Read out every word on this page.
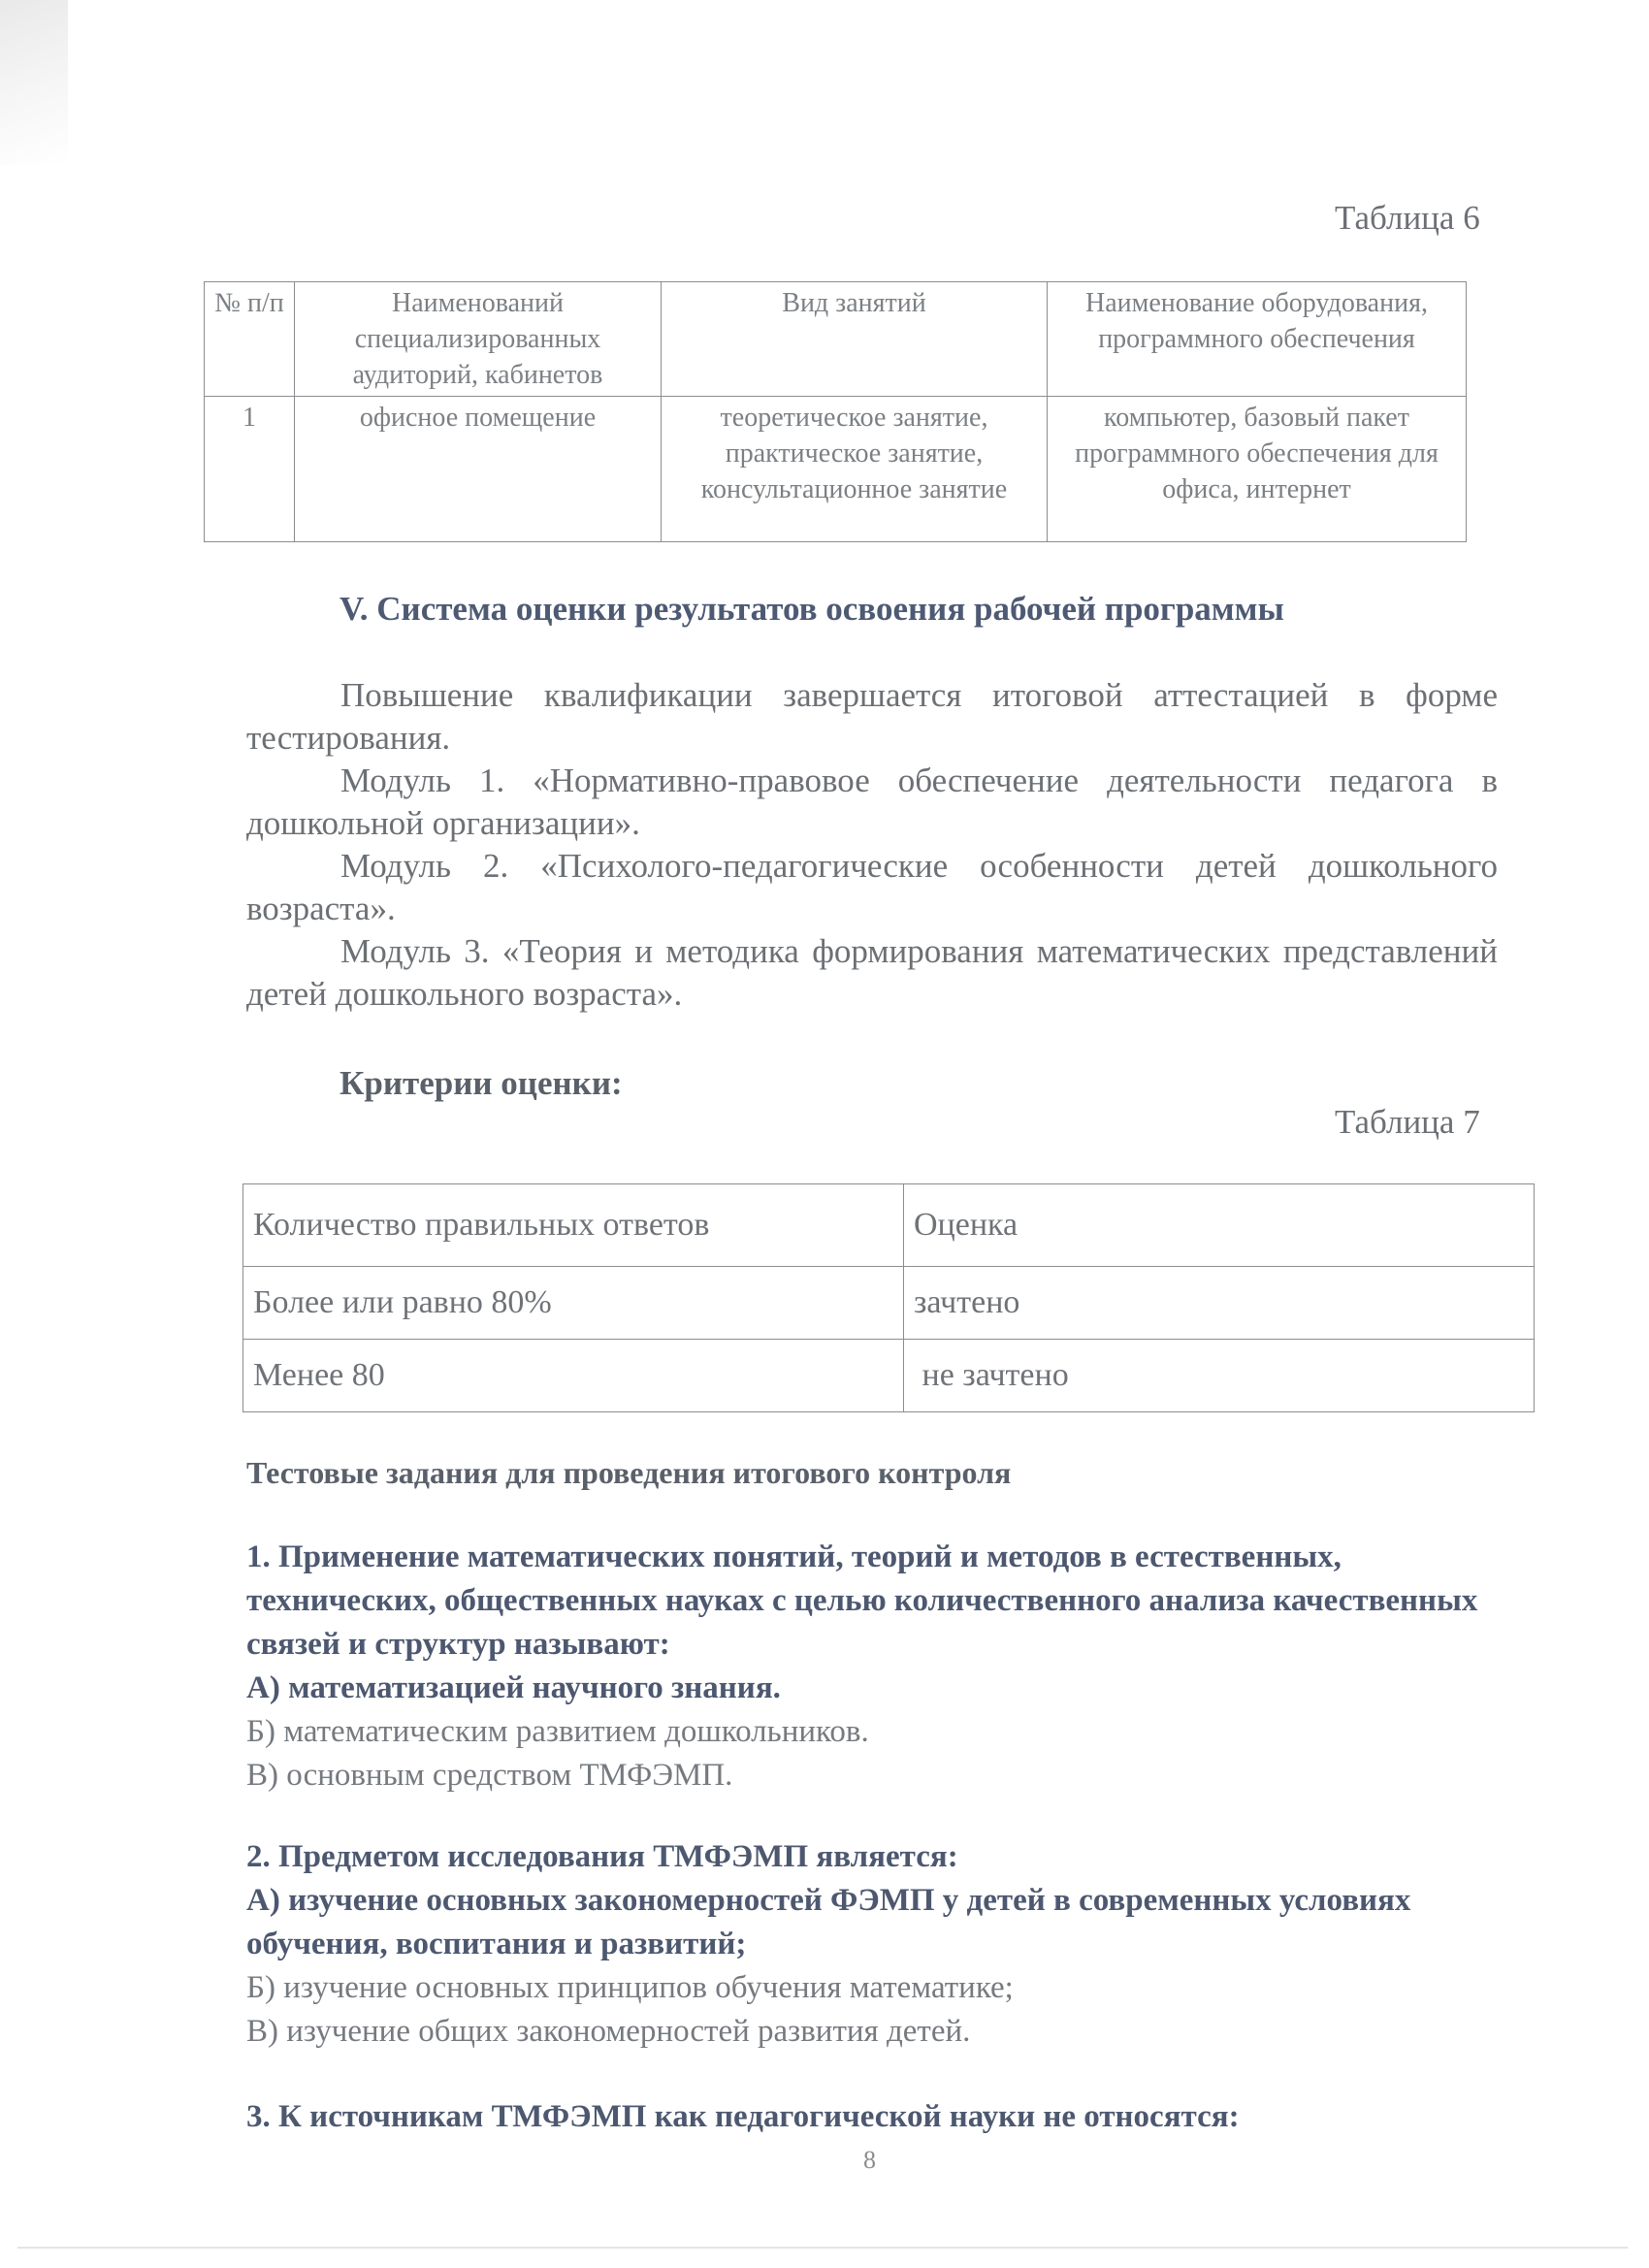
Таблица 6
№ п/п	Наименований специализированных аудиторий, кабинетов	Вид занятий	Наименование оборудования, программного обеспечения
1	офисное помещение	теоретическое занятие, практическое занятие, консультационное занятие	компьютер, базовый пакет программного обеспечения для офиса, интернет
V. Система оценки результатов освоения рабочей программы
Повышение квалификации завершается итоговой аттестацией в форме тестирования.
Модуль 1. «Нормативно-правовое обеспечение деятельности педагога в дошкольной организации».
Модуль 2. «Психолого-педагогические особенности детей дошкольного возраста».
Модуль 3. «Теория и методика формирования математических представлений детей дошкольного возраста».
Критерии оценки:
Таблица 7
Количество правильных ответов	Оценка
Более или равно 80%	зачтено
Менее 80	не зачтено
Тестовые задания для проведения итогового контроля
1. Применение математических понятий, теорий и методов в естественных, технических, общественных науках с целью количественного анализа качественных связей и структур называют:
А) математизацией научного знания.
Б) математическим развитием дошкольников.
В) основным средством ТМФЭМП.
2. Предметом исследования ТМФЭМП является:
А) изучение основных закономерностей ФЭМП у детей в современных условиях обучения, воспитания и развитий;
Б) изучение основных принципов обучения математике;
В) изучение общих закономерностей развития детей.
3. К источникам ТМФЭМП как педагогической науки не относятся:
8
